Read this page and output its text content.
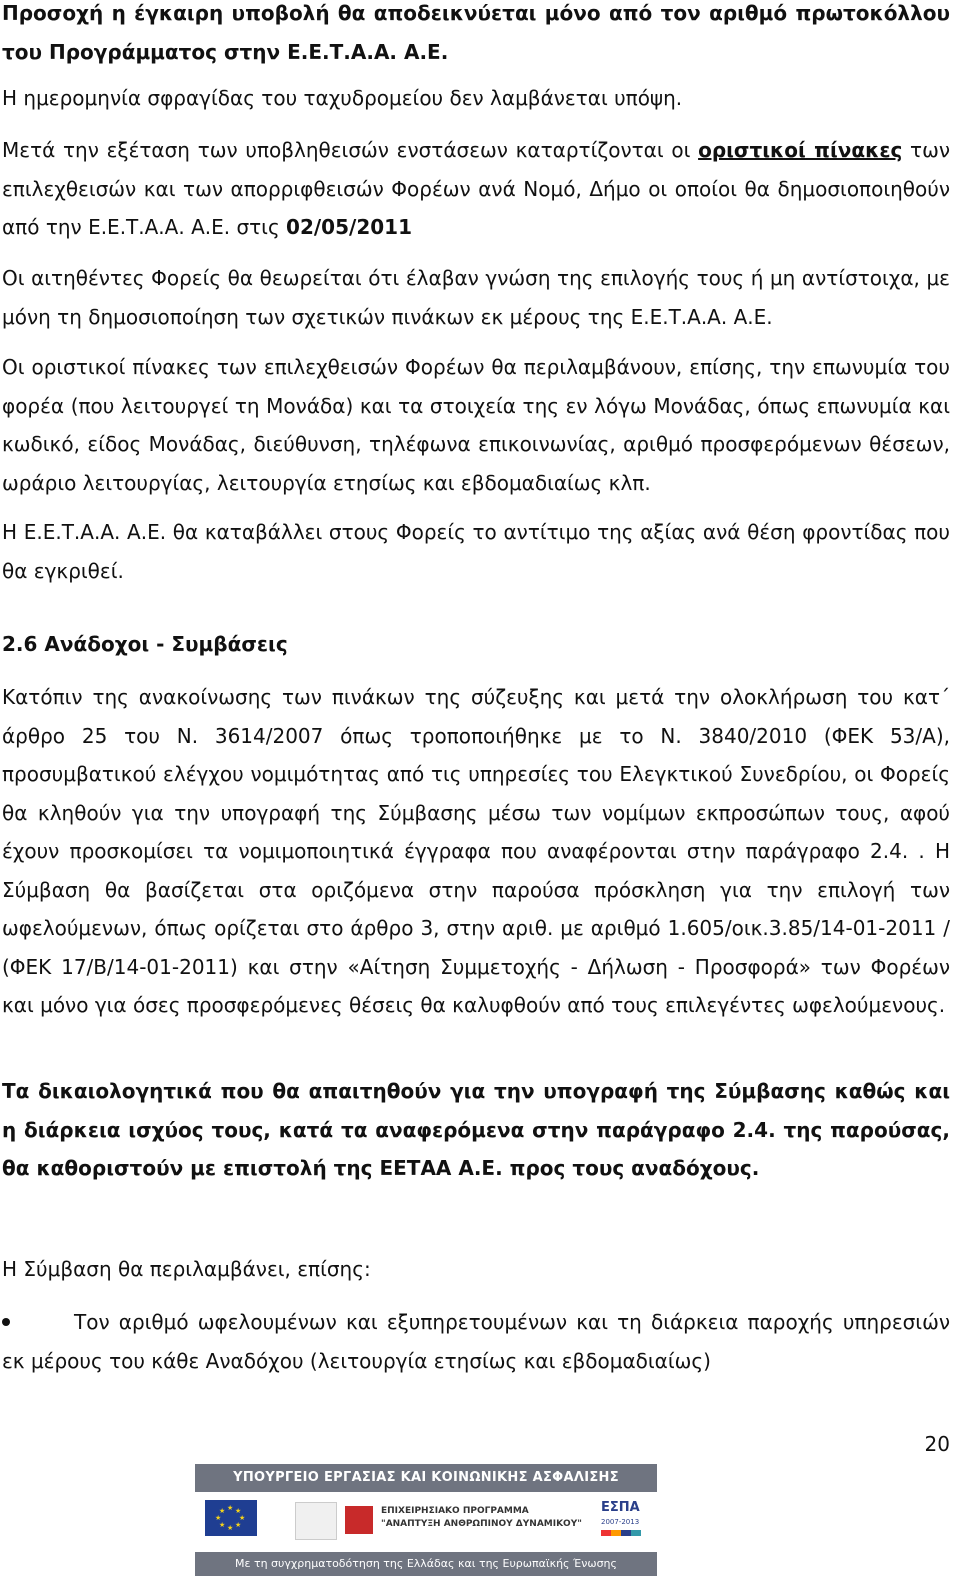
Προσοχή η έγκαιρη υποβολή θα αποδεικνύεται μόνο από τον αριθμό πρωτοκόλλου του Προγράμματος στην Ε.Ε.Τ.Α.Α. Α.Ε.

Η ημερομηνία σφραγίδας του ταχυδρομείου δεν λαμβάνεται υπόψη.

Μετά την εξέταση των υποβληθεισών ενστάσεων καταρτίζονται οι οριστικοί πίνακες των επιλεχθεισών και των απορριφθεισών Φορέων ανά Νομό, Δήμο οι οποίοι θα δημοσιοποιηθούν από την Ε.Ε.Τ.Α.Α. Α.Ε. στις 02/05/2011

Οι αιτηθέντες Φορείς θα θεωρείται ότι έλαβαν γνώση της επιλογής τους ή μη αντίστοιχα, με μόνη τη δημοσιοποίηση των σχετικών πινάκων εκ μέρους της Ε.Ε.Τ.Α.Α. Α.Ε.

Οι οριστικοί πίνακες των επιλεχθεισών Φορέων θα περιλαμβάνουν, επίσης, την επωνυμία του φορέα (που λειτουργεί τη Μονάδα) και τα στοιχεία της εν λόγω Μονάδας, όπως επωνυμία και κωδικό, είδος Μονάδας, διεύθυνση, τηλέφωνα επικοινωνίας, αριθμό προσφερόμενων θέσεων, ωράριο λειτουργίας, λειτουργία ετησίως και εβδομαδιαίως κλπ.

Η Ε.Ε.Τ.Α.Α. Α.Ε. θα καταβάλλει στους Φορείς το αντίτιμο της αξίας ανά θέση φροντίδας που θα εγκριθεί.

2.6 Ανάδοχοι - Συμβάσεις

Κατόπιν της ανακοίνωσης των πινάκων της σύζευξης και μετά την ολοκλήρωση του κατ΄ άρθρο 25 του Ν. 3614/2007 όπως τροποποιήθηκε με το Ν. 3840/2010 (ΦΕΚ 53/Α), προσυμβατικού ελέγχου νομιμότητας από τις υπηρεσίες του Ελεγκτικού Συνεδρίου, οι Φορείς θα κληθούν για την υπογραφή της Σύμβασης μέσω των νομίμων εκπροσώπων τους, αφού έχουν προσκομίσει τα νομιμοποιητικά έγγραφα που αναφέρονται στην παράγραφο 2.4. . Η Σύμβαση θα βασίζεται στα οριζόμενα στην παρούσα πρόσκληση για την επιλογή των ωφελούμενων, όπως ορίζεται στο άρθρο 3, στην αριθ. με αριθμό 1.605/οικ.3.85/14-01-2011 / (ΦΕΚ 17/Β/14-01-2011) και στην «Αίτηση Συμμετοχής - Δήλωση - Προσφορά» των Φορέων και μόνο για όσες προσφερόμενες θέσεις θα καλυφθούν από τους επιλεγέντες ωφελούμενους.

Τα δικαιολογητικά που θα απαιτηθούν για την υπογραφή της Σύμβασης καθώς και η διάρκεια ισχύος τους, κατά τα αναφερόμενα στην παράγραφο 2.4. της παρούσας, θα καθοριστούν με επιστολή της ΕΕΤΑΑ Α.Ε. προς τους αναδόχους.

Η Σύμβαση θα περιλαμβάνει, επίσης:

Τον αριθμό ωφελουμένων και εξυπηρετουμένων και τη διάρκεια παροχής υπηρεσιών εκ μέρους του κάθε Αναδόχου (λειτουργία ετησίως και εβδομαδιαίως)

20
ΥΠΟΥΡΓΕΙΟ ΕΡΓΑΣΙΑΣ ΚΑΙ ΚΟΙΝΩΝΙΚΗΣ ΑΣΦΑΛΙΣΗΣ
★ ★
★
★
★
★
★
★	ΕΠΙΧΕΙΡΗΣΙΑΚΟ ΠΡΟΓΡΑΜΜΑ
"ΑΝΑΠΤΥΞΗ ΑΝΘΡΩΠΙΝΟΥ ΔΥΝΑΜΙΚΟΥ"
ΕΣΠΑ
2007-2013
Με τη συγχρηματοδότηση της Ελλάδας και της Ευρωπαϊκής Ένωσης
